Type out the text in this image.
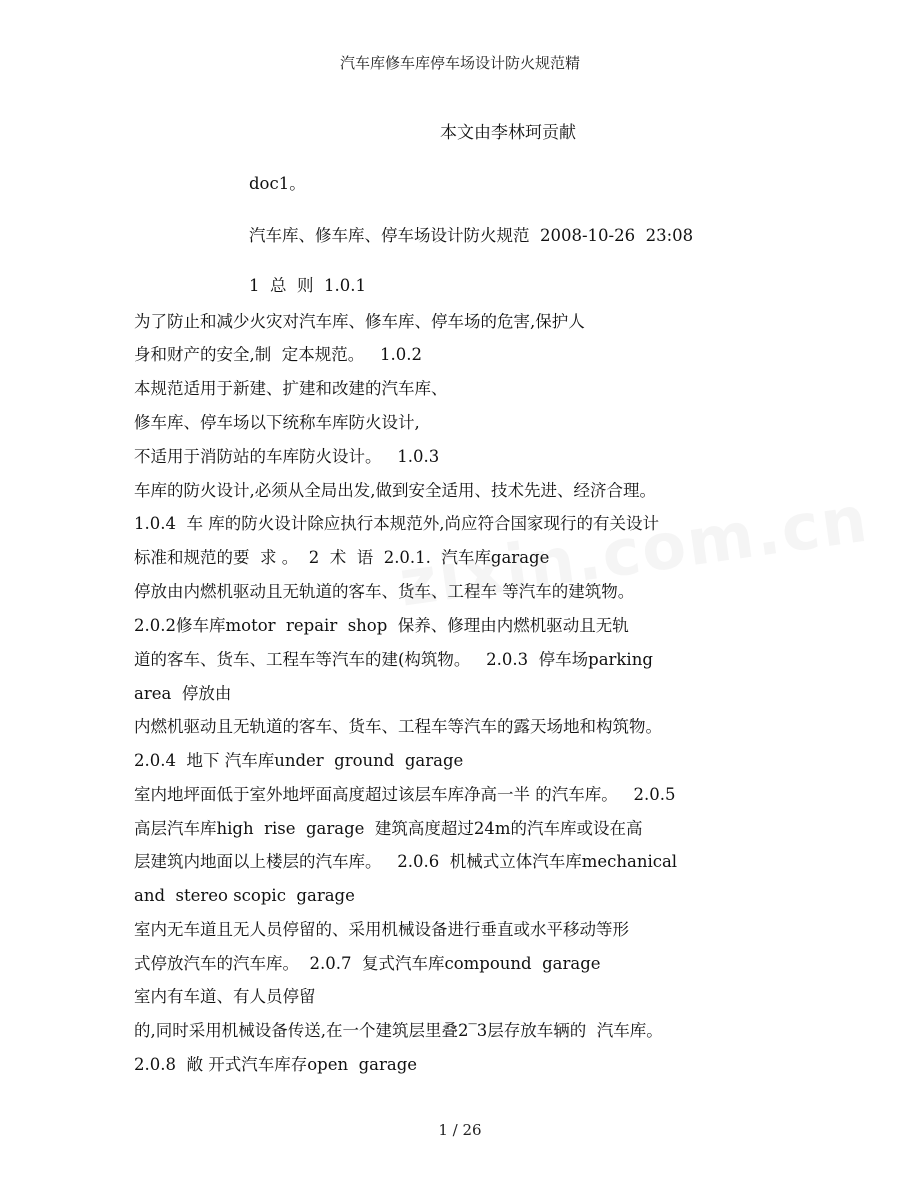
汽车库修车库停车场设计防火规范精
本文由李林珂贡献
doc1。
汽车库、修车库、停车场设计防火规范  2008-10-26  23:08
1  总  则  1.0.1
为了防止和减少火灾对汽车库、修车库、停车场的危害,保护人
身和财产的安全,制  定本规范。   1.0.2
本规范适用于新建、扩建和改建的汽车库、
修车库、停车场以下统称车库防火设计,
不适用于消防站的车库防火设计。   1.0.3
车库的防火设计,必须从全局出发,做到安全适用、技术先进、经济合理。
1.0.4  车 库的防火设计除应执行本规范外,尚应符合国家现行的有关设计
标准和规范的要  求 。  2  术  语  2.0.1.  汽车库garage
停放由内燃机驱动且无轨道的客车、货车、工程车 等汽车的建筑物。
2.0.2修车库motor  repair  shop  保养、修理由内燃机驱动且无轨
道的客车、货车、工程车等汽车的建(构筑物。   2.0.3  停车场parking
area  停放由
内燃机驱动且无轨道的客车、货车、工程车等汽车的露天场地和构筑物。
2.0.4  地下 汽车库under  ground  garage
室内地坪面低于室外地坪面高度超过该层车库净高一半 的汽车库。   2.0.5
高层汽车库high  rise  garage  建筑高度超过24m的汽车库或设在高
层建筑内地面以上楼层的汽车库。   2.0.6  机械式立体汽车库mechanical
and  stereo scopic  garage
室内无车道且无人员停留的、采用机械设备进行垂直或水平移动等形
式停放汽车的汽车库。  2.0.7  复式汽车库compound  garage
室内有车道、有人员停留
的,同时采用机械设备传送,在一个建筑层里叠2‾3层存放车辆的  汽车库。
2.0.8  敞 开式汽车库存open  garage
1 / 26
